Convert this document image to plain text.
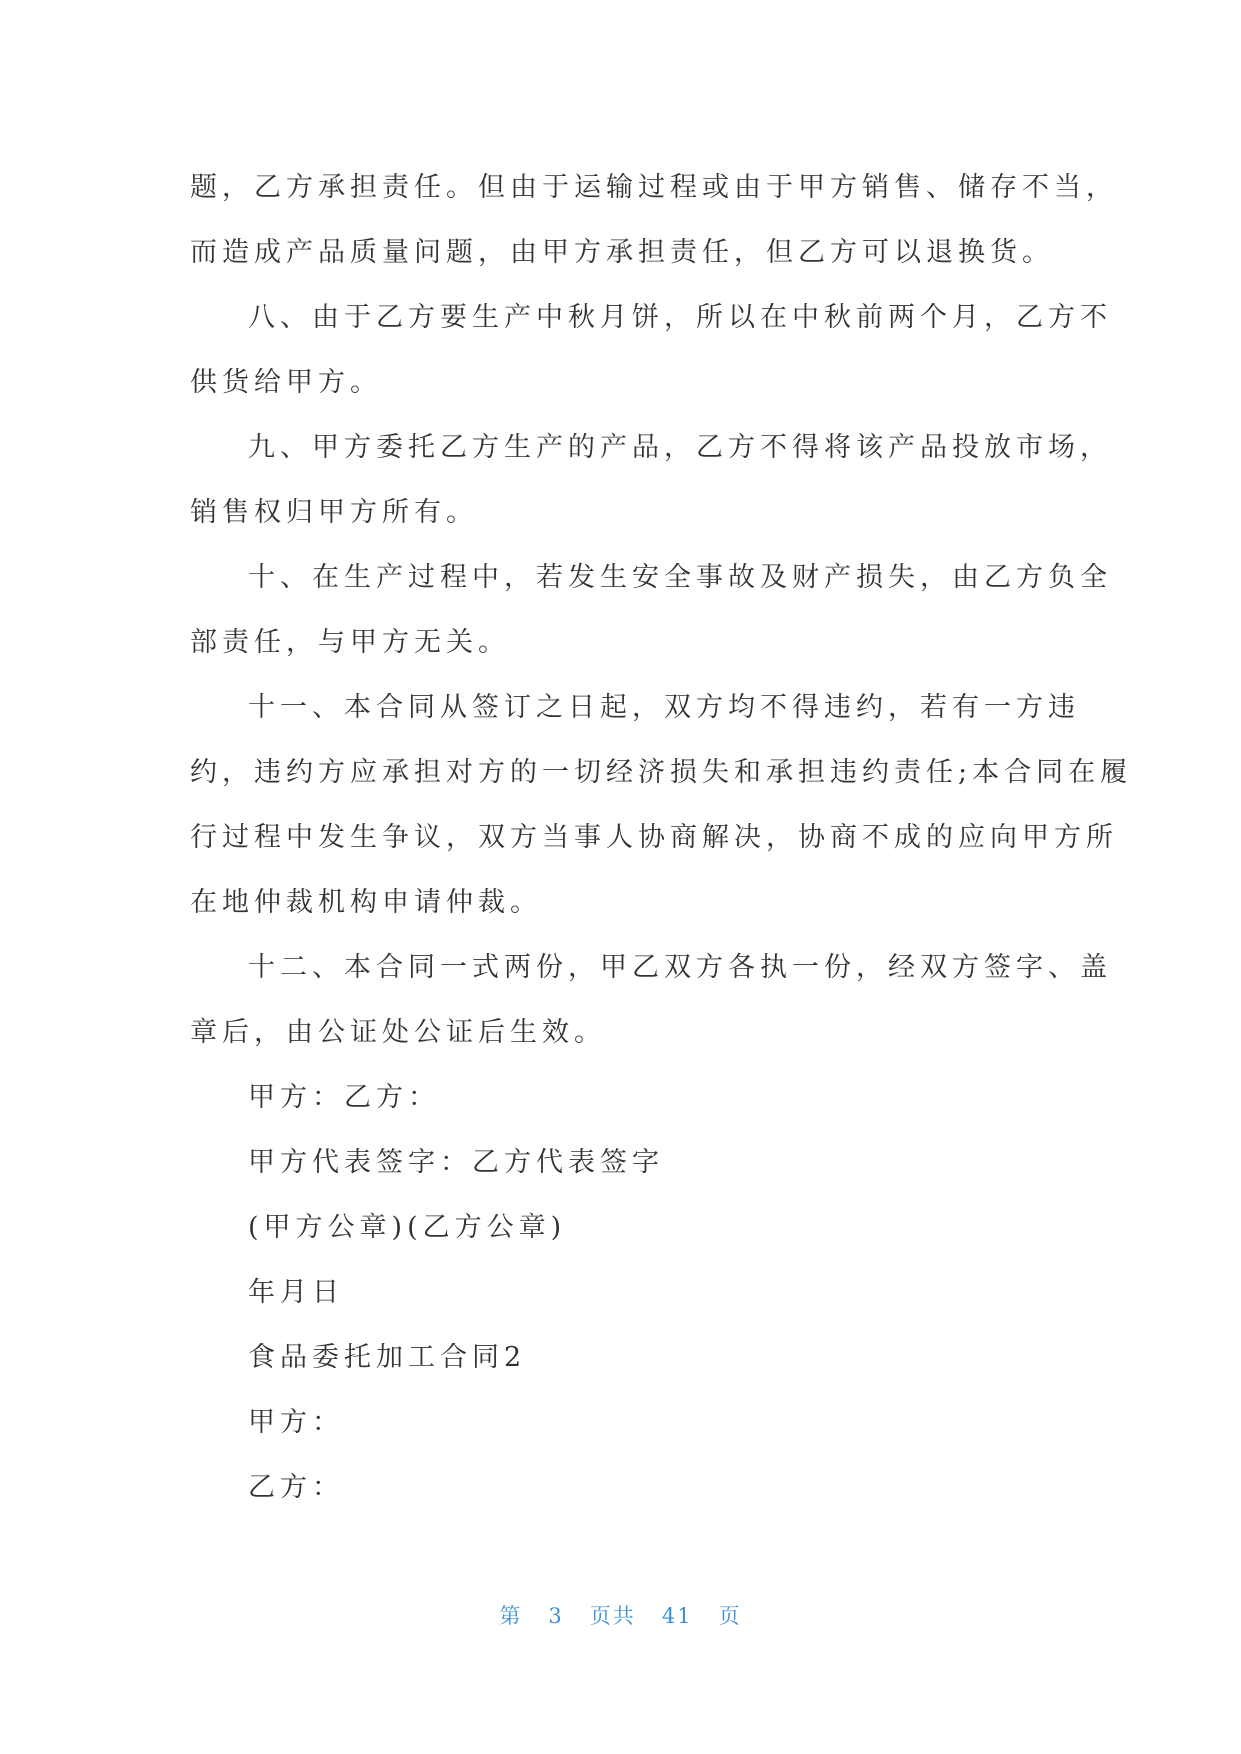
题，乙方承担责任。但由于运输过程或由于甲方销售、储存不当，
而造成产品质量问题，由甲方承担责任，但乙方可以退换货。
八、由于乙方要生产中秋月饼，所以在中秋前两个月，乙方不
供货给甲方。
九、甲方委托乙方生产的产品，乙方不得将该产品投放市场，
销售权归甲方所有。
十、在生产过程中，若发生安全事故及财产损失，由乙方负全
部责任，与甲方无关。
十一、本合同从签订之日起，双方均不得违约，若有一方违
约，违约方应承担对方的一切经济损失和承担违约责任;本合同在履
行过程中发生争议，双方当事人协商解决，协商不成的应向甲方所
在地仲裁机构申请仲裁。
十二、本合同一式两份，甲乙双方各执一份，经双方签字、盖
章后，由公证处公证后生效。
甲方：乙方：
甲方代表签字：乙方代表签字
(甲方公章)(乙方公章)
年月日
食品委托加工合同2
甲方：
乙方：
第 3 页共 41 页
